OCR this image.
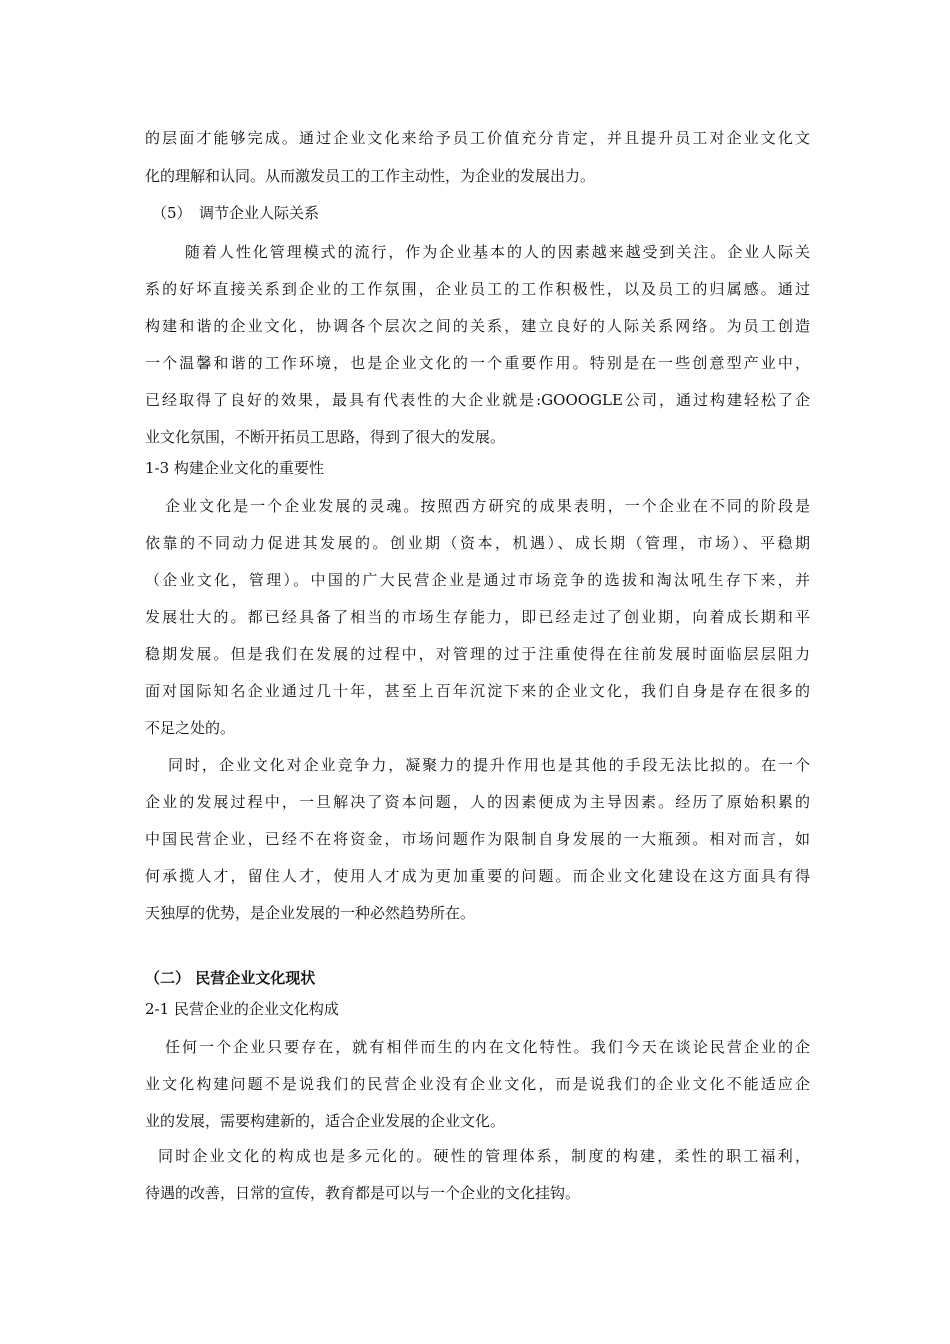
的层面才能够完成。通过企业文化来给予员工价值充分肯定，并且提升员工对企业文化文
化的理解和认同。从而激发员工的工作主动性，为企业的发展出力。
（5）　调节企业人际关系
随着人性化管理模式的流行，作为企业基本的人的因素越来越受到关注。企业人际关
系的好坏直接关系到企业的工作氛围，企业员工的工作积极性，以及员工的归属感。通过
构建和谐的企业文化，协调各个层次之间的关系，建立良好的人际关系网络。为员工创造
一个温馨和谐的工作环境，也是企业文化的一个重要作用。特别是在一些创意型产业中，
已经取得了良好的效果，最具有代表性的大企业就是:GOOOGLE公司，通过构建轻松了企
业文化氛围，不断开拓员工思路，得到了很大的发展。
1-3 构建企业文化的重要性
企业文化是一个企业发展的灵魂。按照西方研究的成果表明，一个企业在不同的阶段是
依靠的不同动力促进其发展的。创业期（资本，机遇）、成长期（管理，市场）、平稳期
（企业文化，管理）。中国的广大民营企业是通过市场竞争的选拔和淘汰吼生存下来，并
发展壮大的。都已经具备了相当的市场生存能力，即已经走过了创业期，向着成长期和平
稳期发展。但是我们在发展的过程中，对管理的过于注重使得在往前发展时面临层层阻力
面对国际知名企业通过几十年，甚至上百年沉淀下来的企业文化，我们自身是存在很多的
不足之处的。
同时，企业文化对企业竞争力，凝聚力的提升作用也是其他的手段无法比拟的。在一个
企业的发展过程中，一旦解决了资本问题，人的因素便成为主导因素。经历了原始积累的
中国民营企业，已经不在将资金，市场问题作为限制自身发展的一大瓶颈。相对而言，如
何承揽人才，留住人才，使用人才成为更加重要的问题。而企业文化建设在这方面具有得
天独厚的优势，是企业发展的一种必然趋势所在。
（二） 民营企业文化现状
2-1 民营企业的企业文化构成
任何一个企业只要存在，就有相伴而生的内在文化特性。我们今天在谈论民营企业的企
业文化构建问题不是说我们的民营企业没有企业文化，而是说我们的企业文化不能适应企
业的发展，需要构建新的，适合企业发展的企业文化。
同时企业文化的构成也是多元化的。硬性的管理体系，制度的构建，柔性的职工福利，
待遇的改善，日常的宣传，教育都是可以与一个企业的文化挂钩。
